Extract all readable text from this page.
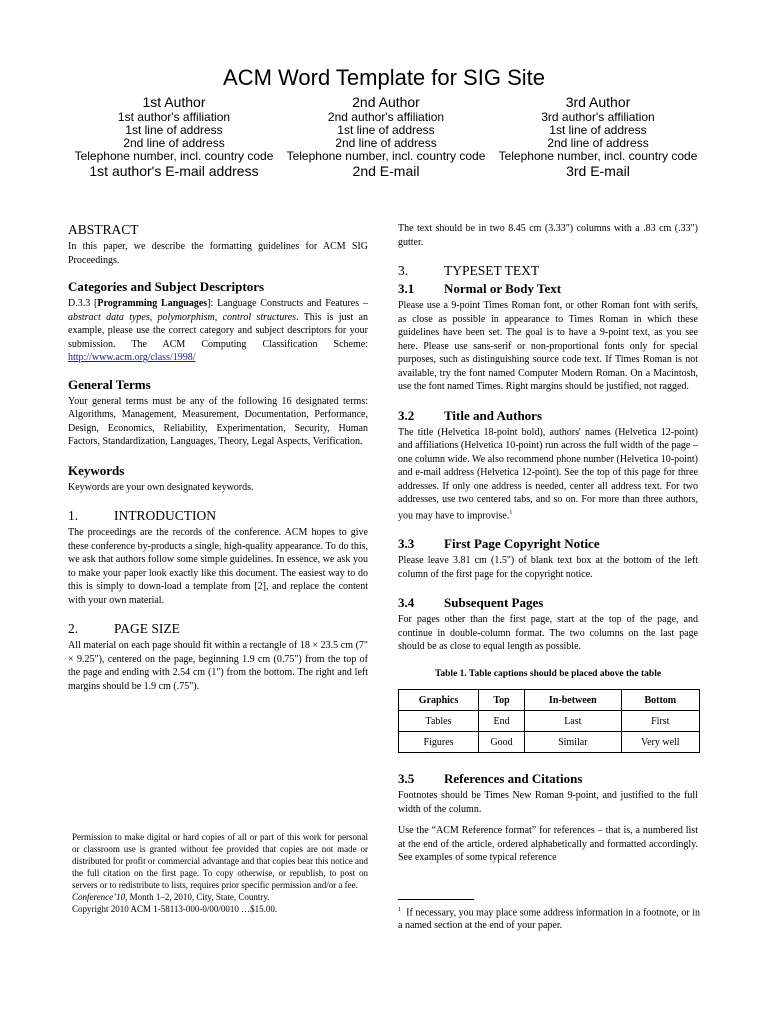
ACM Word Template for SIG Site
1st Author
1st author's affiliation
1st line of address
2nd line of address
Telephone number, incl. country code
1st author's E-mail address
2nd Author
2nd author's affiliation
1st line of address
2nd line of address
Telephone number, incl. country code
2nd E-mail
3rd Author
3rd author's affiliation
1st line of address
2nd line of address
Telephone number, incl. country code
3rd E-mail
ABSTRACT

In this paper, we describe the formatting guidelines for ACM SIG Proceedings.

Categories and Subject Descriptors

D.3.3 [Programming Languages]: Language Constructs and Features – abstract data types, polymorphism, control structures. This is just an example, please use the correct category and subject descriptors for your submission. The ACM Computing Classification Scheme: http://www.acm.org/class/1998/

General Terms

Your general terms must be any of the following 16 designated terms: Algorithms, Management, Measurement, Documentation, Performance, Design, Economics, Reliability, Experimentation, Security, Human Factors, Standardization, Languages, Theory, Legal Aspects, Verification.

Keywords

Keywords are your own designated keywords.

1.	INTRODUCTION

The proceedings are the records of the conference. ACM hopes to give these conference by-products a single, high-quality appearance. To do this, we ask that authors follow some simple guidelines. In essence, we ask you to make your paper look exactly like this document. The easiest way to do this is simply to down-load a template from [2], and replace the content with your own material.

2.	PAGE SIZE

All material on each page should fit within a rectangle of 18 × 23.5 cm (7" × 9.25"), centered on the page, beginning 1.9 cm (0.75") from the top of the page and ending with 2.54 cm (1") from the bottom. The right and left margins should be 1.9 cm (.75").

Permission to make digital or hard copies of all or part of this work for personal or classroom use is granted without fee provided that copies are not made or distributed for profit or commercial advantage and that copies bear this notice and the full citation on the first page. To copy otherwise, or republish, to post on servers or to redistribute to lists, requires prior specific permission and/or a fee.
Conference’10, Month 1–2, 2010, City, State, Country.
Copyright 2010 ACM 1-58113-000-0/00/0010 …$15.00.

The text should be in two 8.45 cm (3.33") columns with a .83 cm (.33") gutter.

3.	TYPESET TEXT
3.1	Normal or Body Text

Please use a 9-point Times Roman font, or other Roman font with serifs, as close as possible in appearance to Times Roman in which these guidelines have been set. The goal is to have a 9-point text, as you see here. Please use sans-serif or non-proportional fonts only for special purposes, such as distinguishing source code text. If Times Roman is not available, try the font named Computer Modern Roman. On a Macintosh, use the font named Times. Right margins should be justified, not ragged.

3.2	Title and Authors

The title (Helvetica 18-point bold), authors' names (Helvetica 12-point) and affiliations (Helvetica 10-point) run across the full width of the page – one column wide. We also recommend phone number (Helvetica 10-point) and e-mail address (Helvetica 12-point). See the top of this page for three addresses. If only one address is needed, center all address text. For two addresses, use two centered tabs, and so on. For more than three authors, you may have to improvise.$^1$

3.3	First Page Copyright Notice

Please leave 3.81 cm (1.5") of blank text box at the bottom of the left column of the first page for the copyright notice.

3.4	Subsequent Pages

For pages other than the first page, start at the top of the page, and continue in double-column format. The two columns on the last page should be as close to equal length as possible.

Table 1. Table captions should be placed above the table
Graphics	Top	In-between	Bottom
Tables	End	Last	First
Figures	Good	Similar	Very well
3.5	References and Citations

Footnotes should be Times New Roman 9-point, and justified to the full width of the column.

Use the “ACM Reference format” for references – that is, a numbered list at the end of the article, ordered alphabetically and formatted accordingly. See examples of some typical reference

$^1$ If necessary, you may place some address information in a footnote, or in a named section at the end of your paper.
